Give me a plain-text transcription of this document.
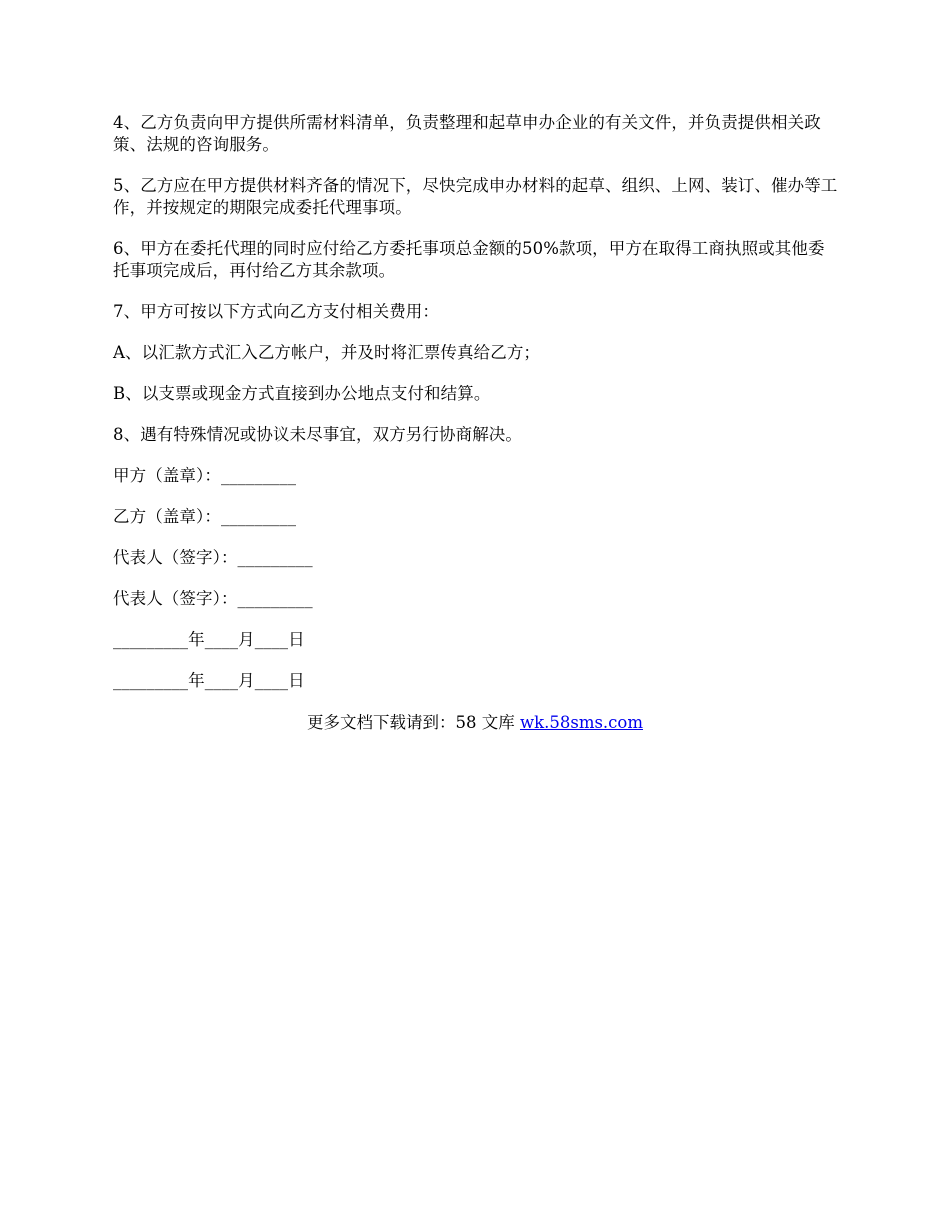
4、乙方负责向甲方提供所需材料清单，负责整理和起草申办企业的有关文件，并负责提供相关政策、法规的咨询服务。

5、乙方应在甲方提供材料齐备的情况下，尽快完成申办材料的起草、组织、上网、装订、催办等工作，并按规定的期限完成委托代理事项。

6、甲方在委托代理的同时应付给乙方委托事项总金额的50%款项，甲方在取得工商执照或其他委托事项完成后，再付给乙方其余款项。

7、甲方可按以下方式向乙方支付相关费用：

A、以汇款方式汇入乙方帐户，并及时将汇票传真给乙方；

B、以支票或现金方式直接到办公地点支付和结算。

8、遇有特殊情况或协议未尽事宜，双方另行协商解决。

甲方（盖章）：_________

乙方（盖章）：_________

代表人（签字）：_________

代表人（签字）：_________

_________年____月____日

_________年____月____日

更多文档下载请到：58 文库 wk.58sms.com
